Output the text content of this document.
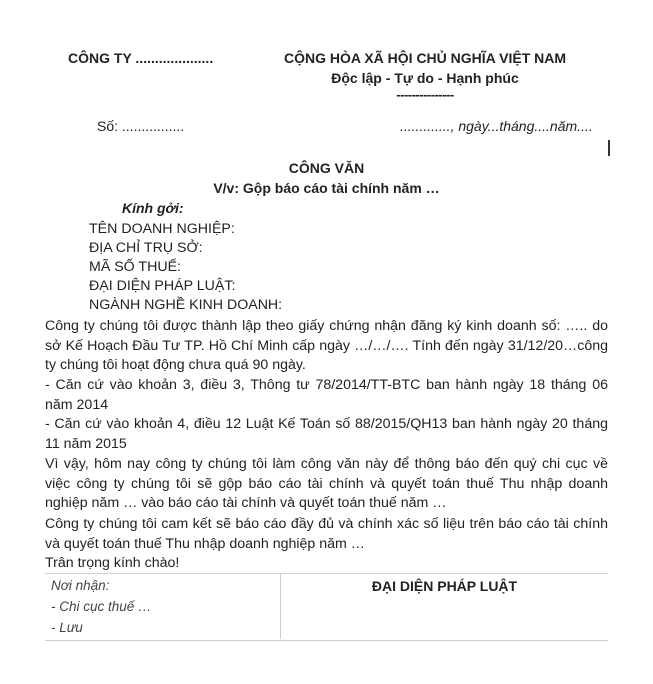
CÔNG TY ....................	CỘNG HÒA XÃ HỘI CHỦ NGHĨA VIỆT NAM
Độc lập - Tự do - Hạnh phúc
---------------
Số: ................	............., ngày...tháng....năm....
CÔNG VĂN
V/v: Gộp báo cáo tài chính năm …
Kính gởi:
TÊN DOANH NGHIỆP:
ĐỊA CHỈ TRỤ SỞ:
MÃ SỐ THUẾ:
ĐẠI DIỆN PHÁP LUẬT:
NGÀNH NGHỀ KINH DOANH:
Công ty chúng tôi được thành lập theo giấy chứng nhận đăng ký kinh doanh số: ….. do sở Kế Hoạch Đầu Tư TP. Hồ Chí Minh cấp ngày …/…/…. Tính đến ngày 31/12/20…công ty chúng tôi hoạt động chưa quá 90 ngày.
- Căn cứ vào khoản 3, điều 3, Thông tư 78/2014/TT-BTC ban hành ngày 18 tháng 06 năm 2014
- Căn cứ vào khoản 4, điều 12 Luật Kế Toán số 88/2015/QH13 ban hành ngày 20 tháng 11 năm 2015
Vì vậy, hôm nay công ty chúng tôi làm công văn này để thông báo đến quý chi cục về việc công ty chúng tôi sẽ gộp báo cáo tài chính và quyết toán thuế Thu nhập doanh nghiệp năm … vào báo cáo tài chính và quyết toán thuế năm …
Công ty chúng tôi cam kết sẽ báo cáo đầy đủ và chính xác số liệu trên báo cáo tài chính và quyết toán thuế Thu nhập doanh nghiệp năm …
Trân trọng kính chào!
Nơi nhận:
- Chi cục thuế …
- Lưu
ĐẠI DIỆN PHÁP LUẬT
